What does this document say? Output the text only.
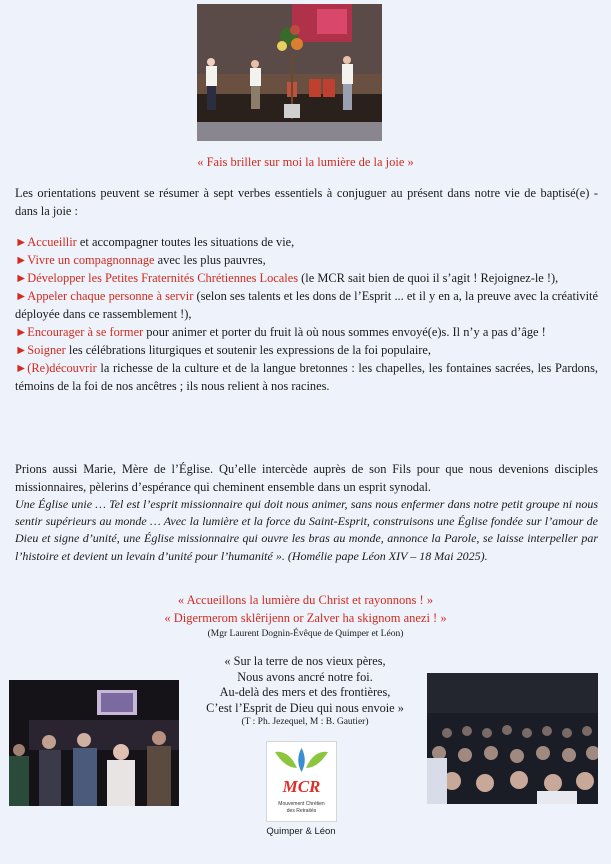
« Fais briller sur moi la lumière de la joie »
Les orientations peuvent se résumer à sept verbes essentiels à conjuguer au présent dans notre vie de baptisé(e) - dans la joie :
►Accueillir et accompagner toutes les situations de vie,
►Vivre un compagnonnage avec les plus pauvres,
►Développer les Petites Fraternités Chrétiennes Locales (le MCR sait bien de quoi il s’agit ! Rejoignez-le !),
►Appeler chaque personne à servir (selon ses talents et les dons de l’Esprit ... et il y en a, la preuve avec la créativité déployée dans ce rassemblement !),
►Encourager à se former pour animer et porter du fruit là où nous sommes envoyé(e)s. Il n’y a pas d’âge !
►Soigner les célébrations liturgiques et soutenir les expressions de la foi populaire,
►(Re)découvrir la richesse de la culture et de la langue bretonnes : les chapelles, les fontaines sacrées, les Pardons, témoins de la foi de nos ancêtres ; ils nous relient à nos racines.
Prions aussi Marie, Mère de l’Église. Qu’elle intercède auprès de son Fils pour que nous devenions disciples missionnaires, pèlerins d’espérance qui cheminent ensemble dans un esprit synodal.
Une Église unie … Tel est l’esprit missionnaire qui doit nous animer, sans nous enfermer dans notre petit groupe ni nous sentir supérieurs au monde … Avec la lumière et la force du Saint-Esprit, construisons une Église fondée sur l’amour de Dieu et signe d’unité, une Église missionnaire qui ouvre les bras au monde, annonce la Parole, se laisse interpeller par l’histoire et devient un levain d’unité pour l’humanité ». (Homélie pape Léon XIV – 18 Mai 2025).
« Accueillons la lumière du Christ et rayonnons ! »
« Digermerom sklêrijenn or Zalver ha skignom anezi ! »
(Mgr Laurent Dognin-Évêque de Quimper et Léon)
« Sur la terre de nos vieux pères,
Nous avons ancré notre foi.
Au-delà des mers et des frontières,
C’est l’Esprit de Dieu qui nous envoie »
(T : Ph. Jezequel, M : B. Gautier)
MCR
Mouvement Chrétien
des Retraités
Quimper & Léon
